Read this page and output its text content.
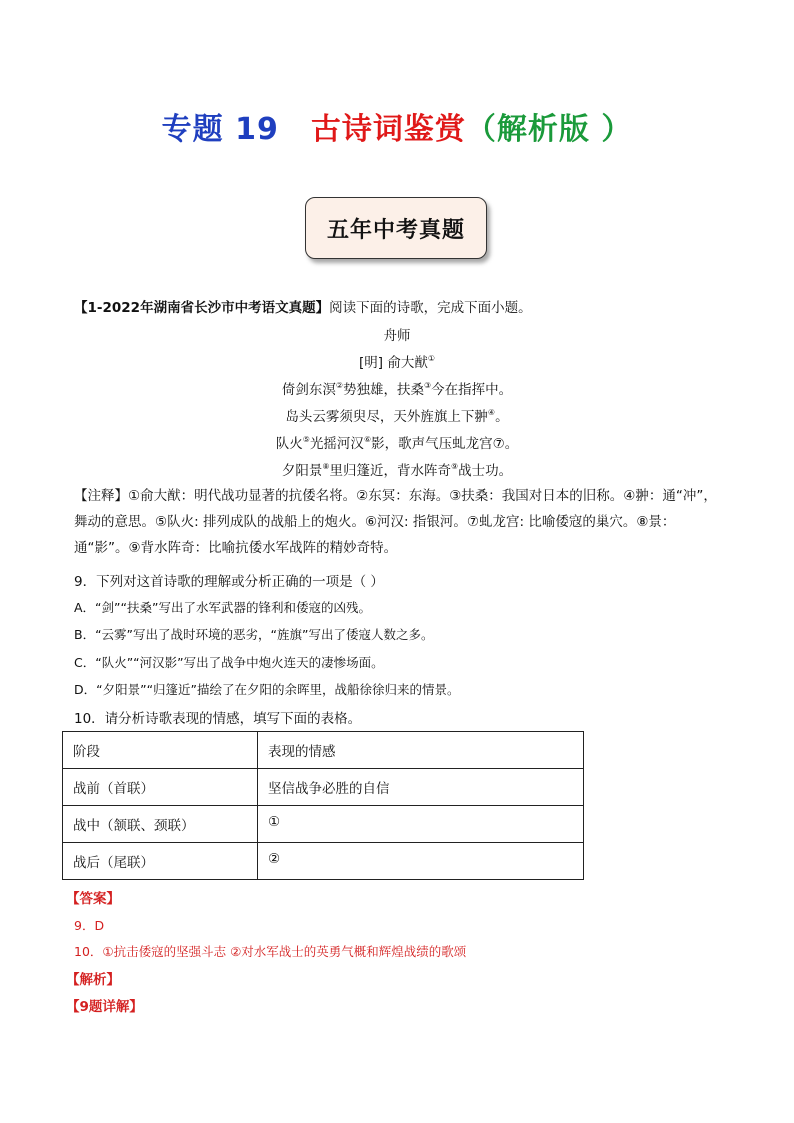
专题 19 古诗词鉴赏（解析版 ）
五年中考真题
【1-2022年湖南省长沙市中考语文真题】阅读下面的诗歌，完成下面小题。
舟师
[明] 俞大猷①
倚剑东溟②势独雄，扶桑③今在指挥中。
岛头云雾须臾尽，天外旌旗上下翀④。
队火⑤光摇河汉⑥影，歌声气压虬龙宫⑦。
夕阳景⑧里归篷近，背水阵奇⑨战士功。
【注释】①俞大猷：明代战功显著的抗倭名将。②东冥：东海。③扶桑：我国对日本的旧称。④翀：通“冲”，舞动的意思。⑤队火: 排列成队的战船上的炮火。⑥河汉: 指银河。⑦虬龙宫: 比喻倭寇的巢穴。⑧景：通“影”。⑨背水阵奇：比喻抗倭水军战阵的精妙奇特。
9．下列对这首诗歌的理解或分析正确的一项是（ ）
A．“剑”“扶桑”写出了水军武器的锋利和倭寇的凶残。
B．“云雾”写出了战时环境的恶劣，“旌旗”写出了倭寇人数之多。
C．“队火”“河汉影”写出了战争中炮火连天的凄惨场面。
D．“夕阳景”“归篷近”描绘了在夕阳的余晖里，战船徐徐归来的情景。
10．请分析诗歌表现的情感，填写下面的表格。
阶段	表现的情感
战前（首联）	坚信战争必胜的自信
战中（颔联、颈联）	①
战后（尾联）	②
【答案】
9．D
10．①抗击倭寇的坚强斗志 ②对水军战士的英勇气概和辉煌战绩的歌颂
【解析】
【9题详解】
